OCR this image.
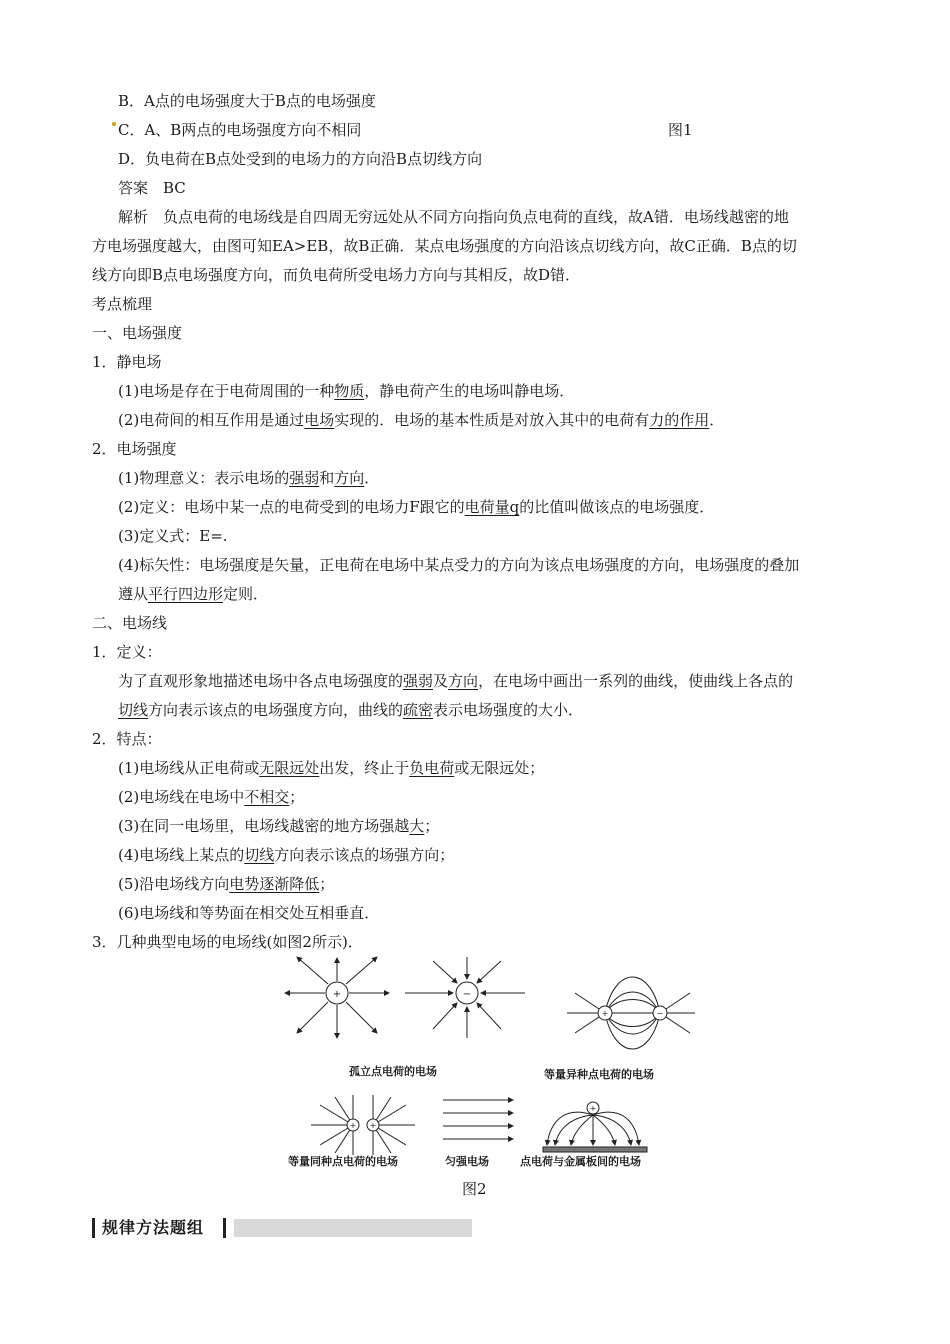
B．A点的电场强度大于B点的电场强度
C．A、B两点的电场强度方向不相同	图1
D．负电荷在B点处受到的电场力的方向沿B点切线方向
答案　BC
解析　负点电荷的电场线是自四周无穷远处从不同方向指向负点电荷的直线，故A错．电场线越密的地
方电场强度越大，由图可知EA>EB，故B正确．某点电场强度的方向沿该点切线方向，故C正确．B点的切
线方向即B点电场强度方向，而负电荷所受电场力方向与其相反，故D错．
考点梳理
一、电场强度
1．静电场
(1)电场是存在于电荷周围的一种物质，静电荷产生的电场叫静电场．
(2)电荷间的相互作用是通过电场实现的．电场的基本性质是对放入其中的电荷有力的作用．
2．电场强度
(1)物理意义：表示电场的强弱和方向．
(2)定义：电场中某一点的电荷受到的电场力F跟它的电荷量q的比值叫做该点的电场强度．
(3)定义式：E=.
(4)标矢性：电场强度是矢量，正电荷在电场中某点受力的方向为该点电场强度的方向，电场强度的叠加
遵从平行四边形定则．
二、电场线
1．定义：
为了直观形象地描述电场中各点电场强度的强弱及方向，在电场中画出一系列的曲线，使曲线上各点的
切线方向表示该点的电场强度方向，曲线的疏密表示电场强度的大小．
2．特点：
(1)电场线从正电荷或无限远处出发，终止于负电荷或无限远处；
(2)电场线在电场中不相交；
(3)在同一电场里，电场线越密的地方场强越大；
(4)电场线上某点的切线方向表示该点的场强方向；
(5)沿电场线方向电势逐渐降低；
(6)电场线和等势面在相交处互相垂直．
3．几种典型电场的电场线(如图2所示)．
+	−
+	−
+ +
+
孤立点电荷的电场	等量异种点电荷的电场
等量同种点电荷的电场	匀强电场	点电荷与金属板间的电场
图2
规律方法题组
